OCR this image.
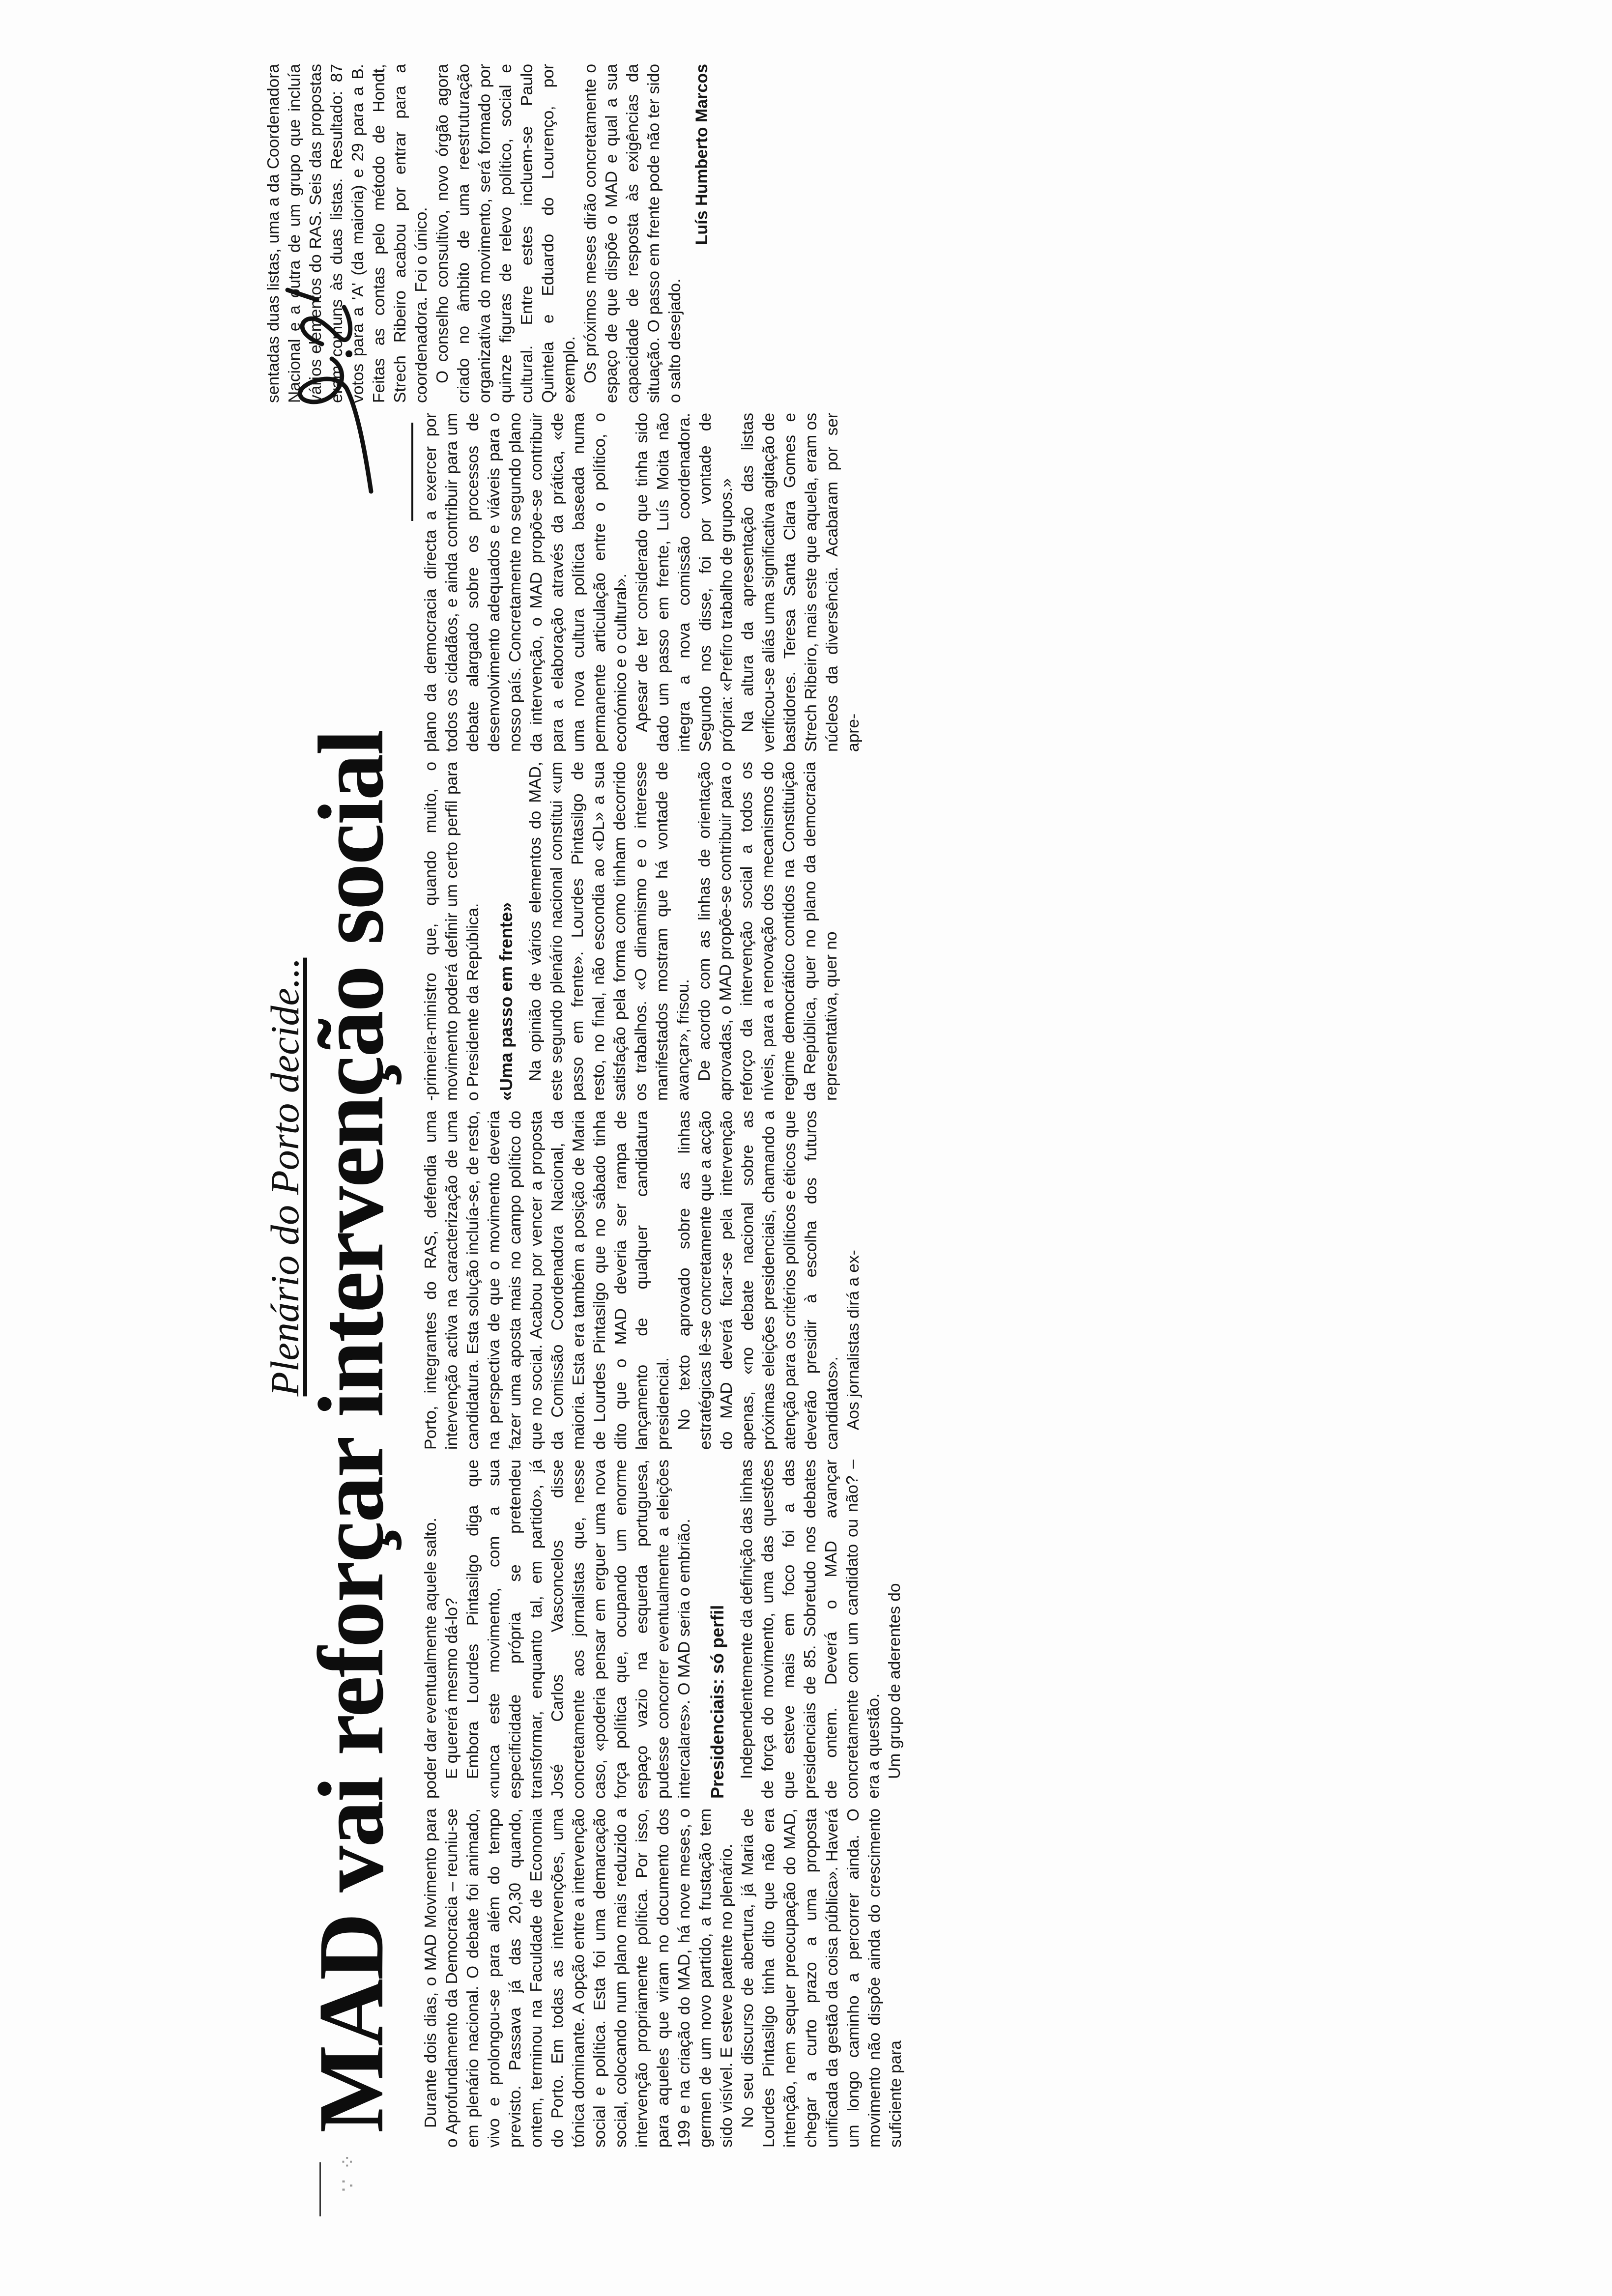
∵ ⁘
Plenário do Porto decide...
MAD vai reforçar intervenção social Durante dois dias, o MAD Movimento para o Aprofundamento da Democracia – reuniu-se em plenário nacional. O debate foi animado, vivo e prolongou-se para além do tempo previsto. Passava já das 20,30 quando, ontem, terminou na Faculdade de Economia do Porto. Em todas as intervenções, uma tónica dominante. A opção entre a intervenção social e política. Esta foi uma demarcação social, colocando num plano mais reduzido a intervenção propriamente política. Por isso, para aqueles que viram no documento dos 199 e na criação do MAD, há nove meses, o germen de um novo partido, a frustação tem sido visível. E esteve patente no plenário. No seu discurso de abertura, já Maria de Lourdes Pintasilgo tinha dito que não era intenção, nem sequer preocupação do MAD, chegar a curto prazo a uma proposta unificada da gestão da coisa pública». Haverá um longo caminho a percorrer ainda. O movimento não dispõe ainda do crescimento suficiente para

poder dar eventualmente aquele salto. E quererá mesmo dá-lo? Embora Lourdes Pintasilgo diga que «nunca este movimento, com a sua especificidade própria se pretendeu transformar, enquanto tal, em partido», já José Carlos Vasconcelos disse concretamente aos jornalistas que, nesse caso, «poderia pensar em erguer uma nova força política que, ocupando um enorme espaço vazio na esquerda portuguesa, pudesse concorrer eventualmente a eleições intercalares». O MAD seria o embrião. Presidenciais: só perfil Independentemente da definição das linhas de força do movimento, uma das questões que esteve mais em foco foi a das presidenciais de 85. Sobretudo nos debates de ontem. Deverá o MAD avançar concretamente com um candidato ou não? – era a questão. Um grupo de aderentes do

Porto, integrantes do RAS, defendia uma intervenção activa na caracterização de uma candidatura. Esta solução incluía-se, de resto, na perspectiva de que o movimento deveria fazer uma aposta mais no campo político do que no social. Acabou por vencer a proposta da Comissão Coordenadora Nacional, da maioria. Esta era também a posição de Maria de Lourdes Pintasilgo que no sábado tinha dito que o MAD deveria ser rampa de lançamento de qualquer candidatura presidencial. No texto aprovado sobre as linhas estratégicas lê-se concretamente que a acção do MAD deverá ficar-se pela intervenção apenas, «no debate nacional sobre as próximas eleições presidenciais, chamando a atenção para os critérios políticos e éticos que deverão presidir à escolha dos futuros candidatos». Aos jornalistas dirá a ex-

-primeira-ministro que, quando muito, o movimento poderá definir um certo perfil para o Presidente da República. «Uma passo em frente» Na opinião de vários elementos do MAD, este segundo plenário nacional constitui «um passo em frente». Lourdes Pintasilgo de resto, no final, não escondia ao «DL» a sua satisfação pela forma como tinham decorrido os trabalhos. «O dinamismo e o interesse manifestados mostram que há vontade de avançar», frisou. De acordo com as linhas de orientação aprovadas, o MAD propõe-se contribuir para o reforço da intervenção social a todos os níveis, para a renovação dos mecanismos do regime democrático contidos na Constituição da República, quer no plano da democracia representativa, quer no

plano da democracia directa a exercer por todos os cidadãos, e ainda contribuir para um debate alargado sobre os processos de desenvolvimento adequados e viáveis para o nosso país. Concretamente no segundo plano da intervenção, o MAD propõe-se contribuir para a elaboração através da prática, «de uma nova cultura política baseada numa permanente articulação entre o político, o económico e o cultural». Apesar de ter considerado que tinha sido dado um passo em frente, Luís Moita não integra a nova comissão coordenadora. Segundo nos disse, foi por vontade de própria: «Prefiro trabalho de grupos.» Na altura da apresentação das listas verificou-se aliás uma significativa agitação de bastidores. Teresa Santa Clara Gomes e Strech Ribeiro, mais este que aquela, eram os núcleos da diversência. Acabaram por ser apre-

sentadas duas listas, uma a da Coordenadora Nacional e a outra de um grupo que incluía vários elementos do RAS. Seis das propostas eram comuns às duas listas. Resultado: 87 votos para a 'A' (da maioria) e 29 para a B. Feitas as contas pelo método de Hondt, Strech Ribeiro acabou por entrar para a coordenadora. Foi o único. O conselho consultivo, novo órgão agora criado no âmbito de uma reestruturação organizativa do movimento, será formado por quinze figuras de relevo político, social e cultural. Entre estes incluem-se Paulo Quintela e Eduardo do Lourenço, por exemplo. Os próximos meses dirão concretamente o espaço de que dispõe o MAD e qual a sua capacidade de resposta às exigências da situação. O passo em frente pode não ter sido o salto desejado.

Luís Humberto Marcos
